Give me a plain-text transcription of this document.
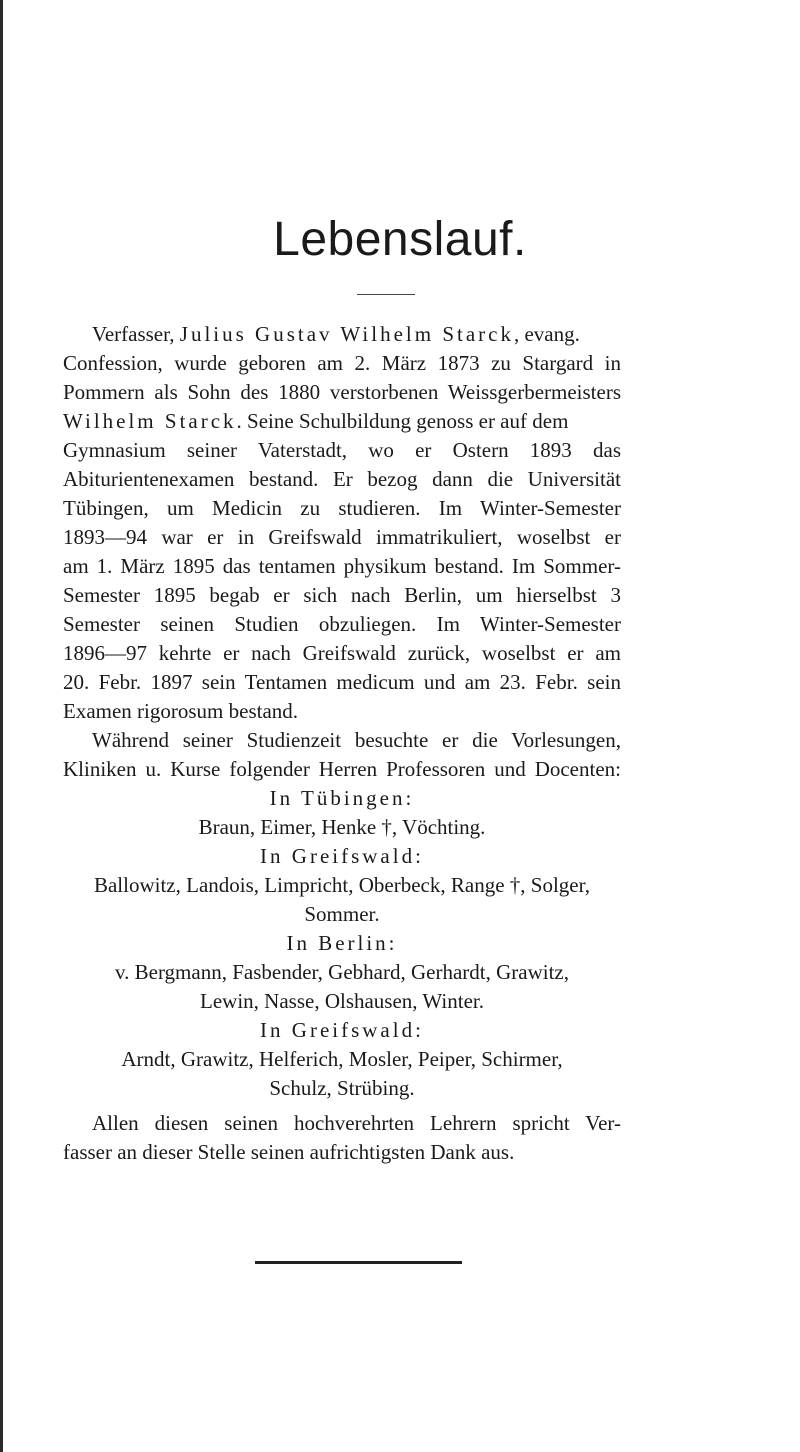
Lebenslauf.

Verfasser, Julius Gustav Wilhelm Starck, evang.

Confession, wurde geboren am 2. März 1873 zu Stargard in

Pommern als Sohn des 1880 verstorbenen Weissgerbermeisters

Wilhelm Starck. Seine Schulbildung genoss er auf dem

Gymnasium seiner Vaterstadt, wo er Ostern 1893 das

Abiturientenexamen bestand. Er bezog dann die Universität

Tübingen, um Medicin zu studieren. Im Winter-Semester

1893—94 war er in Greifswald immatrikuliert, woselbst er

am 1. März 1895 das tentamen physikum bestand. Im Sommer-

Semester 1895 begab er sich nach Berlin, um hierselbst 3

Semester seinen Studien obzuliegen. Im Winter-Semester

1896—97 kehrte er nach Greifswald zurück, woselbst er am

20. Febr. 1897 sein Tentamen medicum und am 23. Febr. sein

Examen rigorosum bestand.

Während seiner Studienzeit besuchte er die Vorlesungen,

Kliniken u. Kurse folgender Herren Professoren und Docenten:

In Tübingen:

Braun, Eimer, Henke †, Vöchting.

In Greifswald:

Ballowitz, Landois, Limpricht, Oberbeck, Range †, Solger,

Sommer.

In Berlin:

v. Bergmann, Fasbender, Gebhard, Gerhardt, Grawitz,

Lewin, Nasse, Olshausen, Winter.

In Greifswald:

Arndt, Grawitz, Helferich, Mosler, Peiper, Schirmer,

Schulz, Strübing.

Allen diesen seinen hochverehrten Lehrern spricht Ver-

fasser an dieser Stelle seinen aufrichtigsten Dank aus.
